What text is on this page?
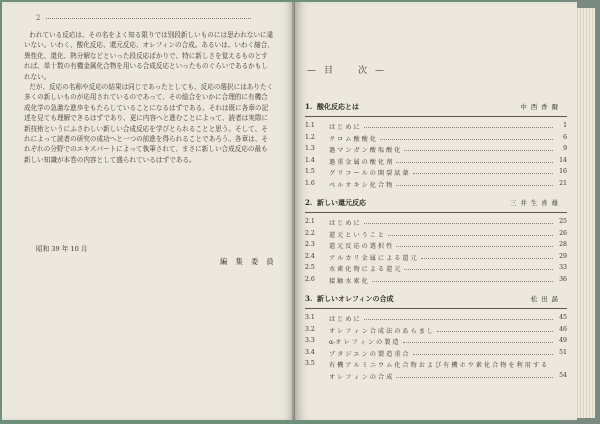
2

われている反応は、その名をよく知る限りでは別段新しいものには思われないに違いない。いわく、酸化反応、還元反応、オレフィンの合成。あるいは、いわく縮合、異性化、還化、熱分解などといった段反応ばかりで、特に新しさを覚えるものとすれば、単十数の有機金属化合物を用いる合成反応といったものぐらいであるかもしれない。

だが、反応の名称や反応の結果は同じであったとしても、反応の選択にはありたく多くの新しいものが応用されているのであって、その総合をいかに合理的に有機合成化学の急激な進歩をもたらしていることになるはずである。それは既に各章の記述を見ても理解できるはずであり、更に内容へと進むことによって、読者は実際に新技術というにふさわしい新しい合成反応を学びとられることと思う。そして、それによって読者の研究の成功へと一つの前進を得られることであろう。各章は、それぞれの分野でのエキスパートによって執筆されて、まさに新しい合成反応の最も新しい知識が本巻の内容として盛られているはずである。

昭和 39 年 10 月
編 集 委 員
—目　次—
1. 酸化反応とは	中 西 香 爾
1.1	は じ め に	1
1.2	ク ロ ム 酸 酸 化	6
1.3	過 マ ン ガ ン 酸 塩 酸 化	9
1.4	過 重 金 属 の 酸 化 剤	14
1.5	グ リ コ ー ル の 開 裂 試 薬	16
1.6	ペ ル オ キ シ 化 合 物	21
2. 新しい還元反応	三 井 生 喜 雄
2.1	は じ め に	25
2.2	還 元 と い う こ と	26
2.3	還 元 反 応 の 選 択 性	28
2.4	ア ル カ リ 金 属 に よ る 還 元	29
2.5	水 素 化 物 に よ る 還 元	33
2.6	接 触 水 素 化	36
3. 新しいオレフィンの合成	松 田 勗
3.1	は じ め に	45
3.2	オ レ フ ィ ン 合 成 法 の あ ら ま し	46
3.3	α-オ レ フ ィ ン の 製 造	49
3.4	ブ タ ジ エ ン の 製 造 重 合	51
3.5	有 機 ア ル ミ ニ ウ ム 化 合 物 お よ び 有 機 ホ ウ 素 化 合 物 を 利 用 す る
オ レ フ ィ ン の 合 成	54
